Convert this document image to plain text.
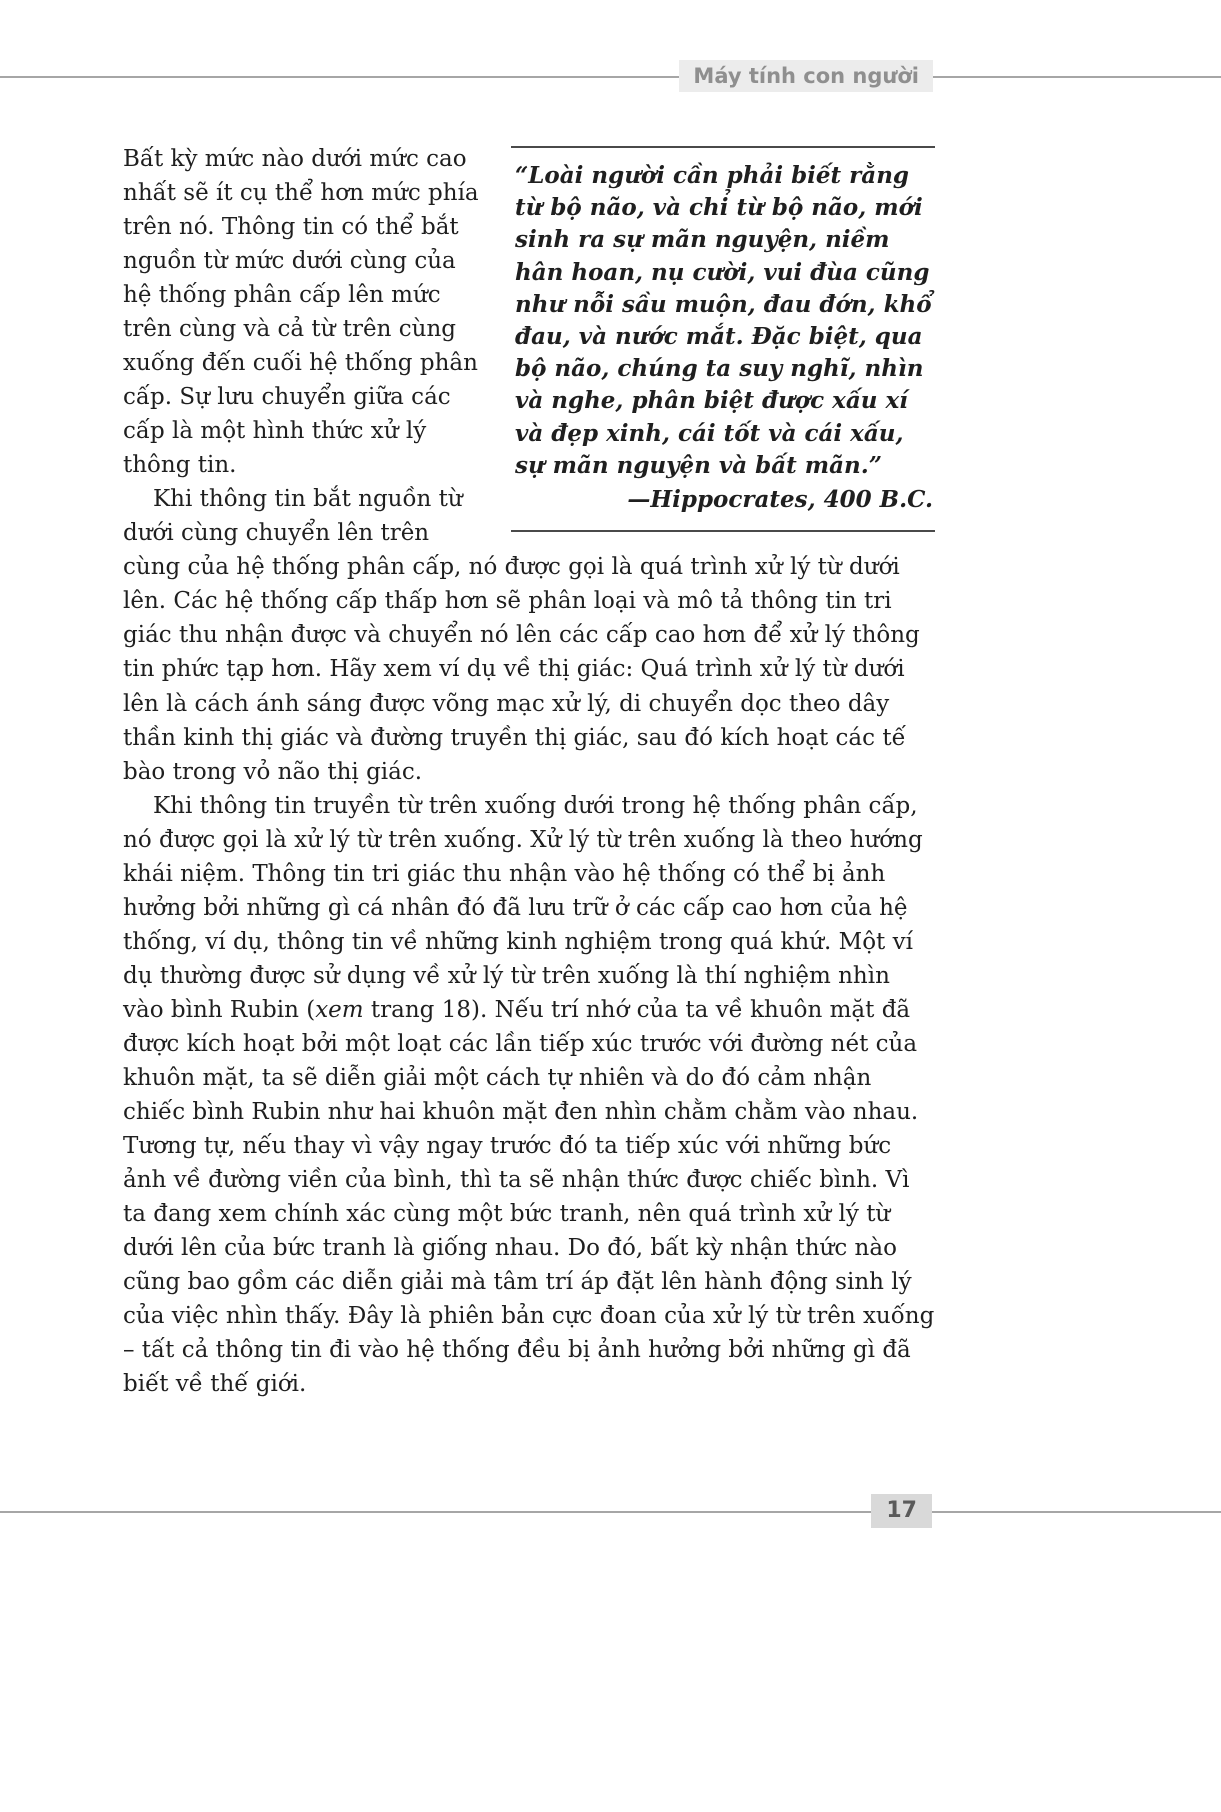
Máy tính con người

“Loài người cần phải biết rằng từ bộ não, và chỉ từ bộ não, mới sinh ra sự mãn nguyện, niềm hân hoan, nụ cười, vui đùa cũng như nỗi sầu muộn, đau đớn, khổ đau, và nước mắt. Đặc biệt, qua bộ não, chúng ta suy nghĩ, nhìn và nghe, phân biệt được xấu xí và đẹp xinh, cái tốt và cái xấu, sự mãn nguyện và bất mãn.”

—Hippocrates, 400 B.C.

Bất kỳ mức nào dưới mức cao nhất sẽ ít cụ thể hơn mức phía trên nó. Thông tin có thể bắt nguồn từ mức dưới cùng của hệ thống phân cấp lên mức trên cùng và cả từ trên cùng xuống đến cuối hệ thống phân cấp. Sự lưu chuyển giữa các cấp là một hình thức xử lý thông tin.

Khi thông tin bắt nguồn từ dưới cùng chuyển lên trên cùng của hệ thống phân cấp, nó được gọi là quá trình xử lý từ dưới lên. Các hệ thống cấp thấp hơn sẽ phân loại và mô tả thông tin tri giác thu nhận được và chuyển nó lên các cấp cao hơn để xử lý thông tin phức tạp hơn. Hãy xem ví dụ về thị giác: Quá trình xử lý từ dưới lên là cách ánh sáng được võng mạc xử lý, di chuyển dọc theo dây thần kinh thị giác và đường truyền thị giác, sau đó kích hoạt các tế bào trong vỏ não thị giác.

Khi thông tin truyền từ trên xuống dưới trong hệ thống phân cấp, nó được gọi là xử lý từ trên xuống. Xử lý từ trên xuống là theo hướng khái niệm. Thông tin tri giác thu nhận vào hệ thống có thể bị ảnh hưởng bởi những gì cá nhân đó đã lưu trữ ở các cấp cao hơn của hệ thống, ví dụ, thông tin về những kinh nghiệm trong quá khứ. Một ví dụ thường được sử dụng về xử lý từ trên xuống là thí nghiệm nhìn vào bình Rubin (xem trang 18). Nếu trí nhớ của ta về khuôn mặt đã được kích hoạt bởi một loạt các lần tiếp xúc trước với đường nét của khuôn mặt, ta sẽ diễn giải một cách tự nhiên và do đó cảm nhận chiếc bình Rubin như hai khuôn mặt đen nhìn chằm chằm vào nhau. Tương tự, nếu thay vì vậy ngay trước đó ta tiếp xúc với những bức ảnh về đường viền của bình, thì ta sẽ nhận thức được chiếc bình. Vì ta đang xem chính xác cùng một bức tranh, nên quá trình xử lý từ dưới lên của bức tranh là giống nhau. Do đó, bất kỳ nhận thức nào cũng bao gồm các diễn giải mà tâm trí áp đặt lên hành động sinh lý của việc nhìn thấy. Đây là phiên bản cực đoan của xử lý từ trên xuống – tất cả thông tin đi vào hệ thống đều bị ảnh hưởng bởi những gì đã biết về thế giới.

17
